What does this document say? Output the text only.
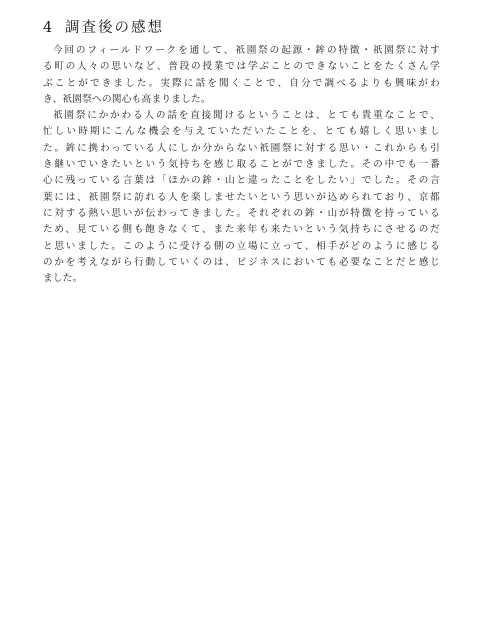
4 調査後の感想
今回のフィールドワークを通して、祇園祭の起源・鉾の特徴・祇園祭に対す
る町の人々の思いなど、普段の授業では学ぶことのできないことをたくさん学
ぶことができました。実際に話を聞くことで、自分で調べるよりも興味がわ
き、祇園祭への関心も高まりました。
祇園祭にかかわる人の話を直接聞けるということは、とても貴重なことで、
忙しい時期にこんな機会を与えていただいたことを、とても嬉しく思いまし
た。鉾に携わっている人にしか分からない祇園祭に対する思い・これからも引
き継いでいきたいという気持ちを感じ取ることができました。その中でも一番
心に残っている言葉は「ほかの鉾・山と違ったことをしたい」でした。その言
葉には、祇園祭に訪れる人を楽しませたいという思いが込められており、京都
に対する熱い思いが伝わってきました。それぞれの鉾・山が特徴を持っている
ため、見ている側も飽きなくて、また来年も来たいという気持ちにさせるのだ
と思いました。このように受ける側の立場に立って、相手がどのように感じる
のかを考えながら行動していくのは、ビジネスにおいても必要なことだと感じ
ました。
